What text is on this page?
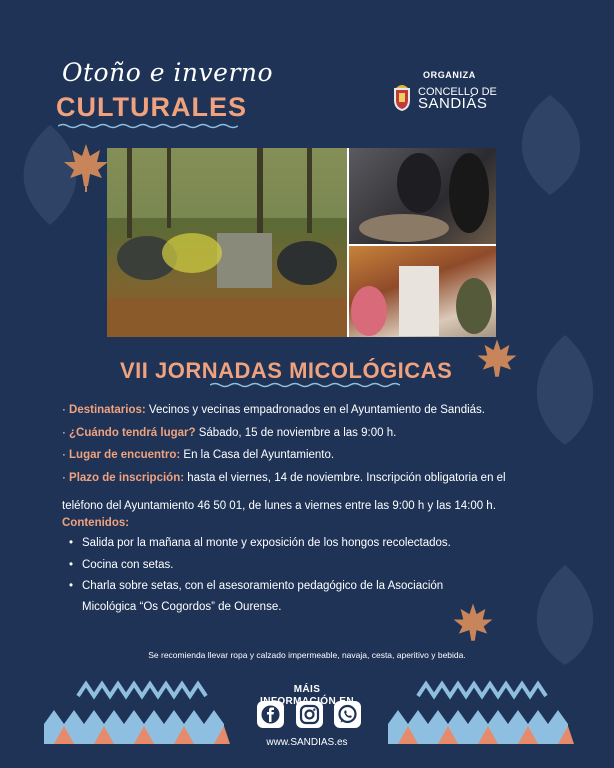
Otoño e inverno
CULTURALES
ORGANIZA
CONCELLO DE
SANDIÁS
VII JORNADAS MICOLÓGICAS
· Destinatarios: Vecinos y vecinas empadronados en el Ayuntamiento de Sandiás.
· ¿Cuándo tendrá lugar? Sábado, 15 de noviembre a las 9:00 h.
· Lugar de encuentro: En la Casa del Ayuntamiento.
· Plazo de inscripción: hasta el viernes, 14 de noviembre. Inscripción obligatoria en el
teléfono del Ayuntamiento 46 50 01, de lunes a viernes entre las 9:00 h y las 14:00 h.
Contenidos:
• Salida por la mañana al monte y exposición de los hongos recolectados.
• Cocina con setas.
• Charla sobre setas, con el asesoramiento pedagógico de la Asociación
Micológica “Os Cogordos” de Ourense.
Se recomienda llevar ropa y calzado impermeable, navaja, cesta, aperitivo y bebida.
MÁIS
www.SANDIAS.es
